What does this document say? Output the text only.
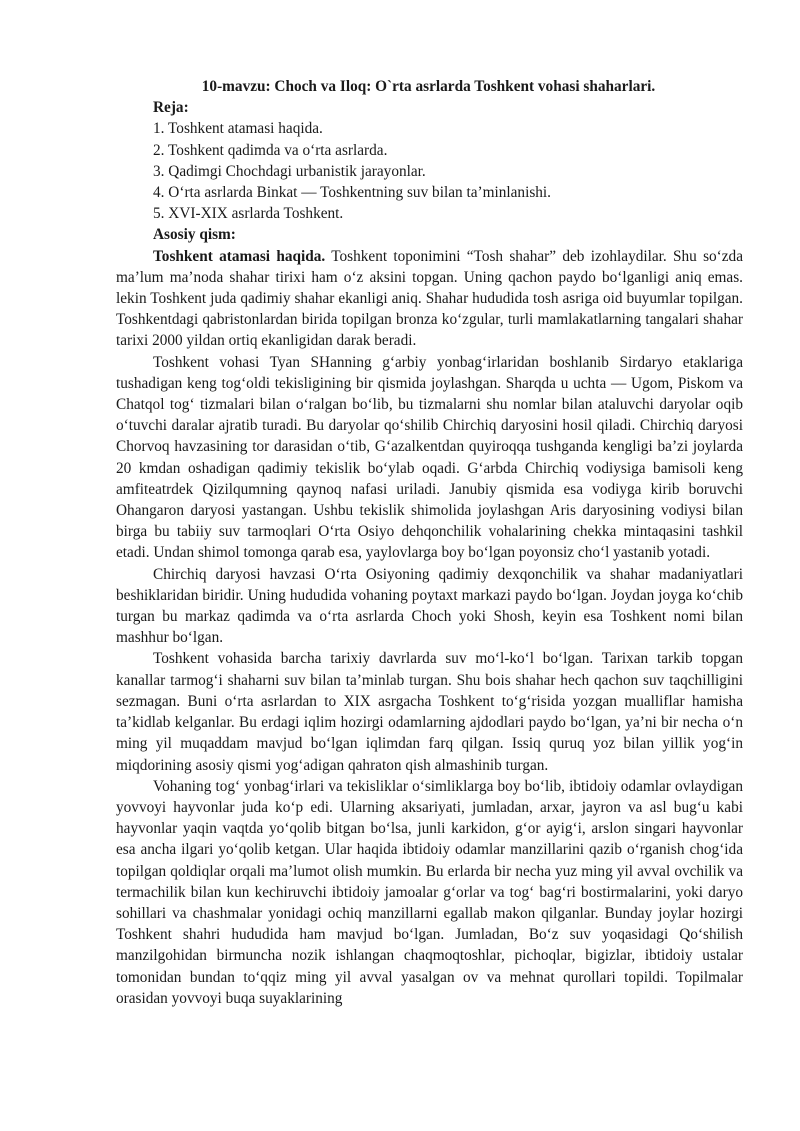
10-mavzu: Choch va Iloq: O`rta asrlarda Toshkent vohasi shaharlari.

Reja:

1. Toshkent atamasi haqida.
2. Toshkent qadimda va o‘rta asrlarda.
3. Qadimgi Chochdagi urbanistik jarayonlar.
4. O‘rta asrlarda Binkat — Toshkentning suv bilan ta’minlanishi.
5. XVI-XIX asrlarda Toshkent.

Asosiy qism:

Toshkent atamasi haqida. Toshkent toponimini “Tosh shahar” deb izohlaydilar. Shu so‘zda ma’lum ma’noda shahar tirixi ham o‘z aksini topgan. Uning qachon paydo bo‘lganligi aniq emas. lekin Toshkent juda qadimiy shahar ekanligi aniq. Shahar hududida tosh asriga oid buyumlar topilgan. Toshkentdagi qabristonlardan birida topilgan bronza ko‘zgular, turli mamlakatlarning tangalari shahar tarixi 2000 yildan ortiq ekanligidan darak beradi.

Toshkent vohasi Tyan SHanning g‘arbiy yonbag‘irlaridan boshlanib Sirdaryo etaklariga tushadigan keng tog‘oldi tekisligining bir qismida joylashgan. Sharqda u uchta — Ugom, Piskom va Chatqol tog‘ tizmalari bilan o‘ralgan bo‘lib, bu tizmalarni shu nomlar bilan ataluvchi daryolar oqib o‘tuvchi daralar ajratib turadi. Bu daryolar qo‘shilib Chirchiq daryosini hosil qiladi. Chirchiq daryosi Chorvoq havzasining tor darasidan o‘tib, G‘azalkentdan quyiroqqa tushganda kengligi ba’zi joylarda 20 kmdan oshadigan qadimiy tekislik bo‘ylab oqadi. G‘arbda Chirchiq vodiysiga bamisoli keng amfiteatrdek Qizilqumning qaynoq nafasi uriladi. Janubiy qismida esa vodiyga kirib boruvchi Ohangaron daryosi yastangan. Ushbu tekislik shimolida joylashgan Aris daryosining vodiysi bilan birga bu tabiiy suv tarmoqlari O‘rta Osiyo dehqonchilik vohalarining chekka mintaqasini tashkil etadi. Undan shimol tomonga qarab esa, yaylovlarga boy bo‘lgan poyonsiz cho‘l yastanib yotadi.

Chirchiq daryosi havzasi O‘rta Osiyoning qadimiy dexqonchilik va shahar madaniyatlari beshiklaridan biridir. Uning hududida vohaning poytaxt markazi paydo bo‘lgan. Joydan joyga ko‘chib turgan bu markaz qadimda va o‘rta asrlarda Choch yoki Shosh, keyin esa Toshkent nomi bilan mashhur bo‘lgan.

Toshkent vohasida barcha tarixiy davrlarda suv mo‘l-ko‘l bo‘lgan. Tarixan tarkib topgan kanallar tarmog‘i shaharni suv bilan ta’minlab turgan. Shu bois shahar hech qachon suv taqchilligini sezmagan. Buni o‘rta asrlardan to XIX asrgacha Toshkent to‘g‘risida yozgan mualliflar hamisha ta’kidlab kelganlar. Bu erdagi iqlim hozirgi odamlarning ajdodlari paydo bo‘lgan, ya’ni bir necha o‘n ming yil muqaddam mavjud bo‘lgan iqlimdan farq qilgan. Issiq quruq yoz bilan yillik yog‘in miqdorining asosiy qismi yog‘adigan qahraton qish almashinib turgan.

Vohaning tog‘ yonbag‘irlari va tekisliklar o‘simliklarga boy bo‘lib, ibtidoiy odamlar ovlaydigan yovvoyi hayvonlar juda ko‘p edi. Ularning aksariyati, jumladan, arxar, jayron va asl bug‘u kabi hayvonlar yaqin vaqtda yo‘qolib bitgan bo‘lsa, junli karkidon, g‘or ayig‘i, arslon singari hayvonlar esa ancha ilgari yo‘qolib ketgan. Ular haqida ibtidoiy odamlar manzillarini qazib o‘rganish chog‘ida topilgan qoldiqlar orqali ma’lumot olish mumkin. Bu erlarda bir necha yuz ming yil avval ovchilik va termachilik bilan kun kechiruvchi ibtidoiy jamoalar g‘orlar va tog‘ bag‘ri bostirmalarini, yoki daryo sohillari va chashmalar yonidagi ochiq manzillarni egallab makon qilganlar. Bunday joylar hozirgi Toshkent shahri hududida ham mavjud bo‘lgan. Jumladan, Bo‘z suv yoqasidagi Qo‘shilish manzilgohidan birmuncha nozik ishlangan chaqmoqtoshlar, pichoqlar, bigizlar, ibtidoiy ustalar tomonidan bundan to‘qqiz ming yil avval yasalgan ov va mehnat qurollari topildi. Topilmalar orasidan yovvoyi buqa suyaklarining
